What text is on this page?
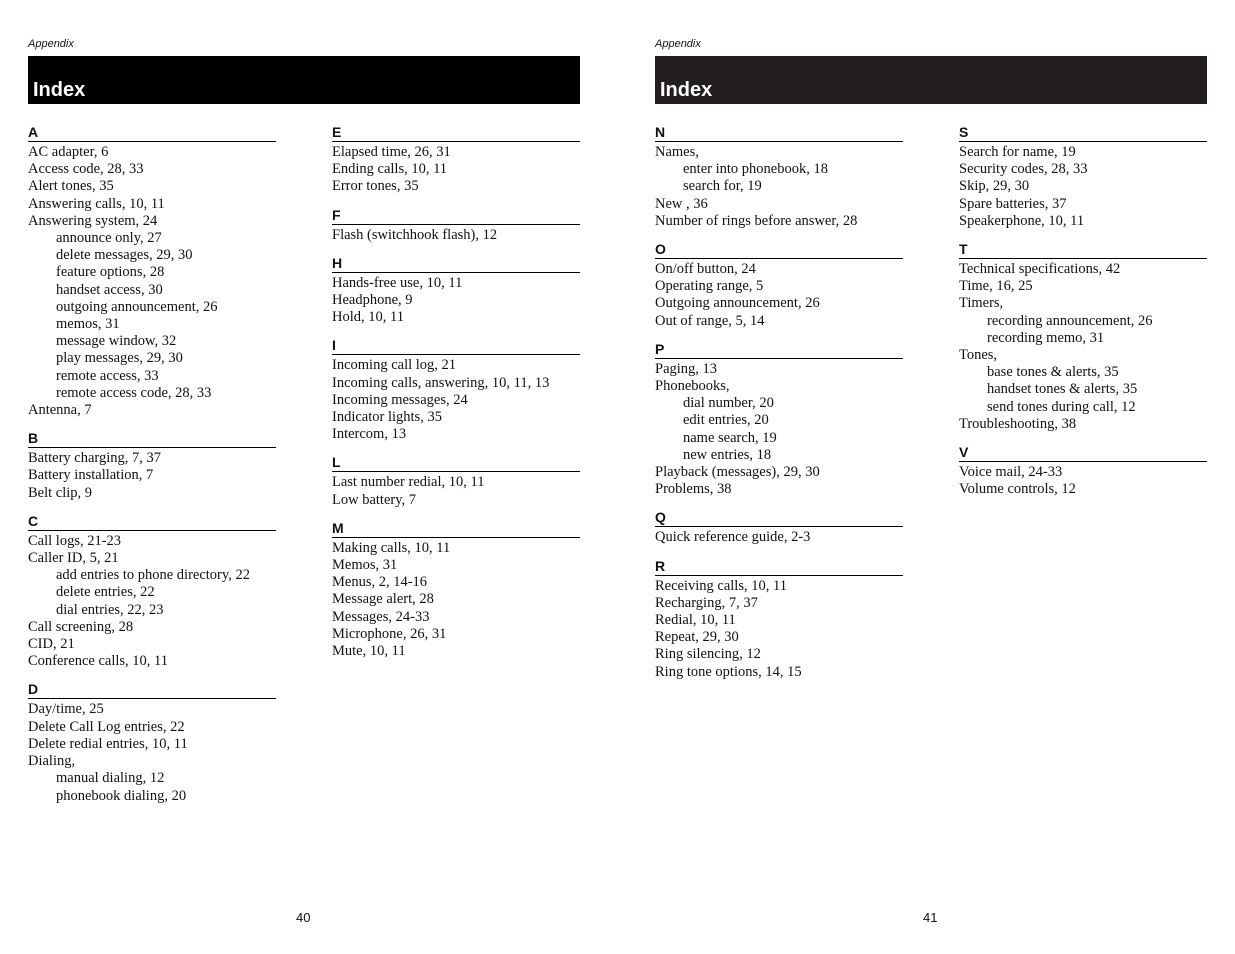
Appendix
Index
A
AC adapter, 6
Access code, 28, 33
Alert tones, 35
Answering calls, 10, 11
Answering system, 24
announce only, 27
delete messages, 29, 30
feature options, 28
handset access, 30
outgoing announcement, 26
memos, 31
message window, 32
play messages, 29, 30
remote access, 33
remote access code, 28, 33
Antenna, 7
B
Battery charging, 7, 37
Battery installation, 7
Belt clip, 9
C
Call logs, 21-23
Caller ID, 5, 21
add entries to phone directory, 22
delete entries, 22
dial entries, 22, 23
Call screening, 28
CID, 21
Conference calls, 10, 11
D
Day/time, 25
Delete Call Log entries, 22
Delete redial entries, 10, 11
Dialing,
manual dialing, 12
phonebook dialing, 20
E
Elapsed time, 26, 31
Ending calls, 10, 11
Error tones, 35
F
Flash (switchhook flash), 12
H
Hands-free use, 10, 11
Headphone, 9
Hold, 10, 11
I
Incoming call log, 21
Incoming calls, answering, 10, 11, 13
Incoming messages, 24
Indicator lights, 35
Intercom, 13
L
Last number redial, 10, 11
Low battery, 7
M
Making calls, 10, 11
Memos, 31
Menus, 2, 14-16
Message alert, 28
Messages, 24-33
Microphone, 26, 31
Mute, 10, 11
40
Appendix
Index
N
Names,
enter into phonebook, 18
search for, 19
New , 36
Number of rings before answer, 28
O
On/off button, 24
Operating range, 5
Outgoing announcement, 26
Out of range, 5, 14
P
Paging, 13
Phonebooks,
dial number, 20
edit entries, 20
name search, 19
new entries, 18
Playback (messages), 29, 30
Problems, 38
Q
Quick reference guide, 2-3
R
Receiving calls, 10, 11
Recharging, 7, 37
Redial, 10, 11
Repeat, 29, 30
Ring silencing, 12
Ring tone options, 14, 15
S
Search for name, 19
Security codes, 28, 33
Skip, 29, 30
Spare batteries, 37
Speakerphone, 10, 11
T
Technical specifications, 42
Time, 16, 25
Timers,
recording announcement, 26
recording memo, 31
Tones,
base tones & alerts, 35
handset tones & alerts, 35
send tones during call, 12
Troubleshooting, 38
V
Voice mail, 24-33
Volume controls, 12
41
